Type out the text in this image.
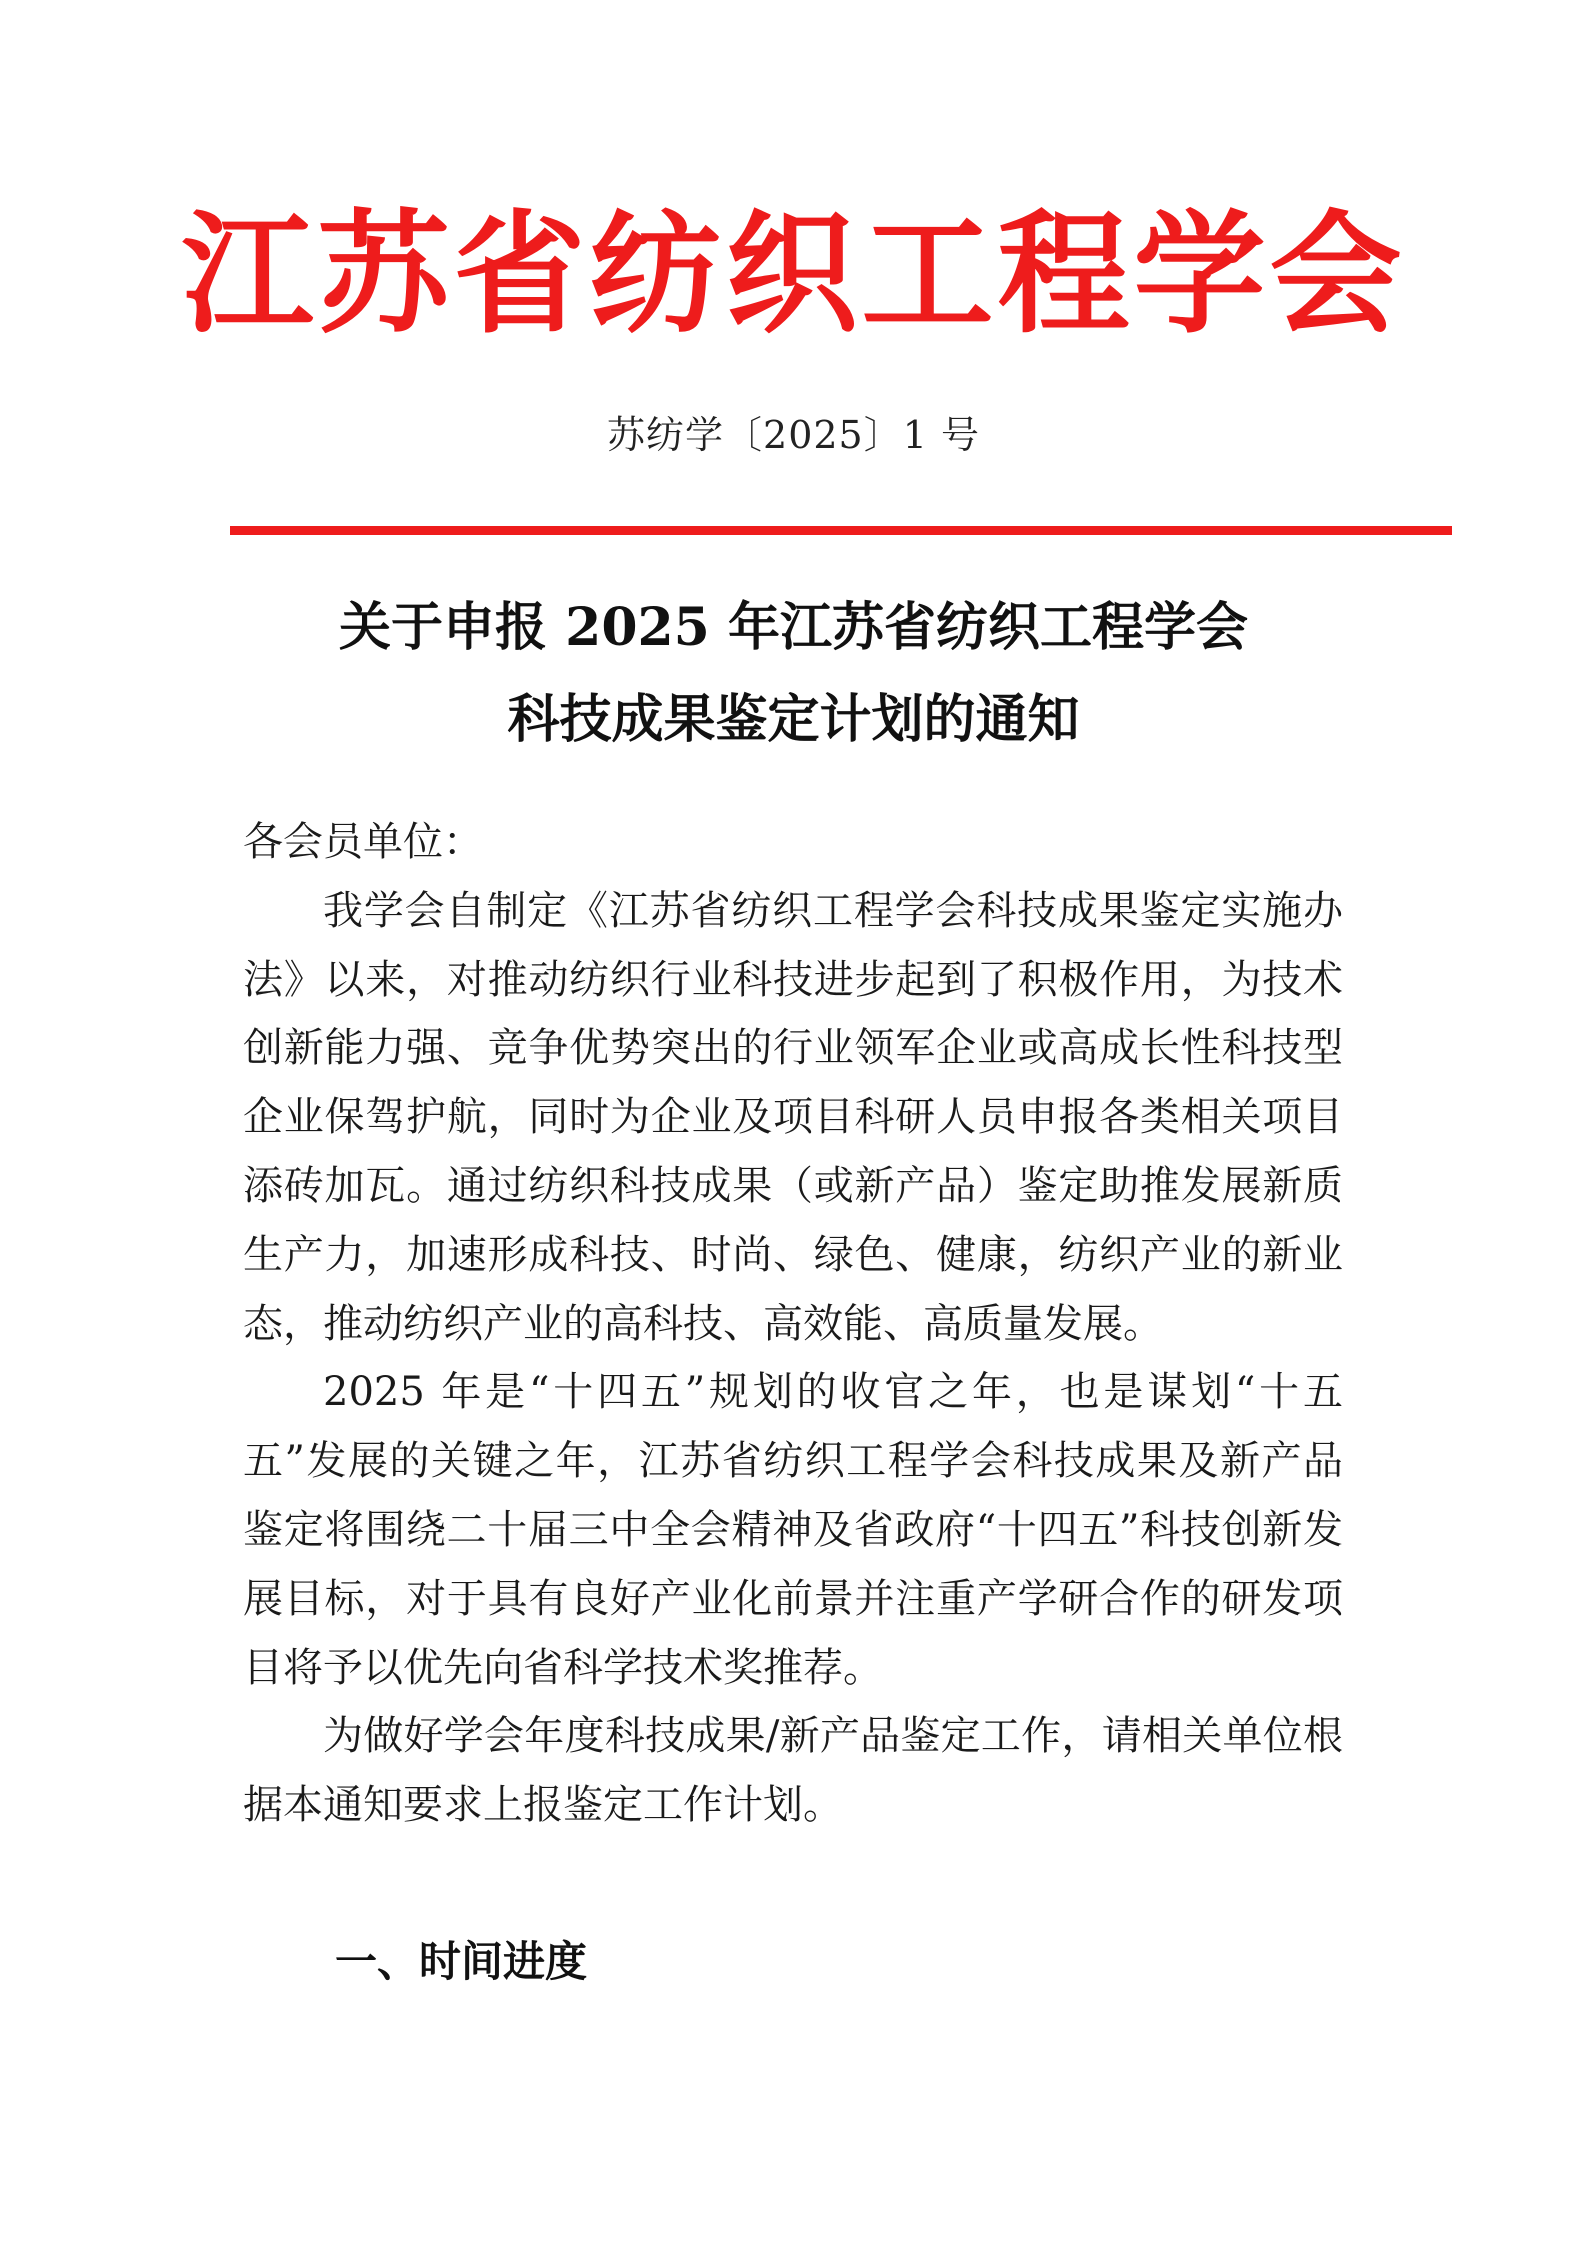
江苏省纺织工程学会
苏纺学〔2025〕1 号
关于申报 2025 年江苏省纺织工程学会
科技成果鉴定计划的通知

各会员单位：

我学会自制定《江苏省纺织工程学会科技成果鉴定实施办法》以来，对推动纺织行业科技进步起到了积极作用，为技术创新能力强、竞争优势突出的行业领军企业或高成长性科技型企业保驾护航，同时为企业及项目科研人员申报各类相关项目添砖加瓦。通过纺织科技成果（或新产品）鉴定助推发展新质生产力，加速形成科技、时尚、绿色、健康，纺织产业的新业态，推动纺织产业的高科技、高效能、高质量发展。

2025 年是“十四五”规划的收官之年，也是谋划“十五五”发展的关键之年，江苏省纺织工程学会科技成果及新产品鉴定将围绕二十届三中全会精神及省政府“十四五”科技创新发展目标，对于具有良好产业化前景并注重产学研合作的研发项目将予以优先向省科学技术奖推荐。

为做好学会年度科技成果/新产品鉴定工作，请相关单位根据本通知要求上报鉴定工作计划。

一、时间进度
